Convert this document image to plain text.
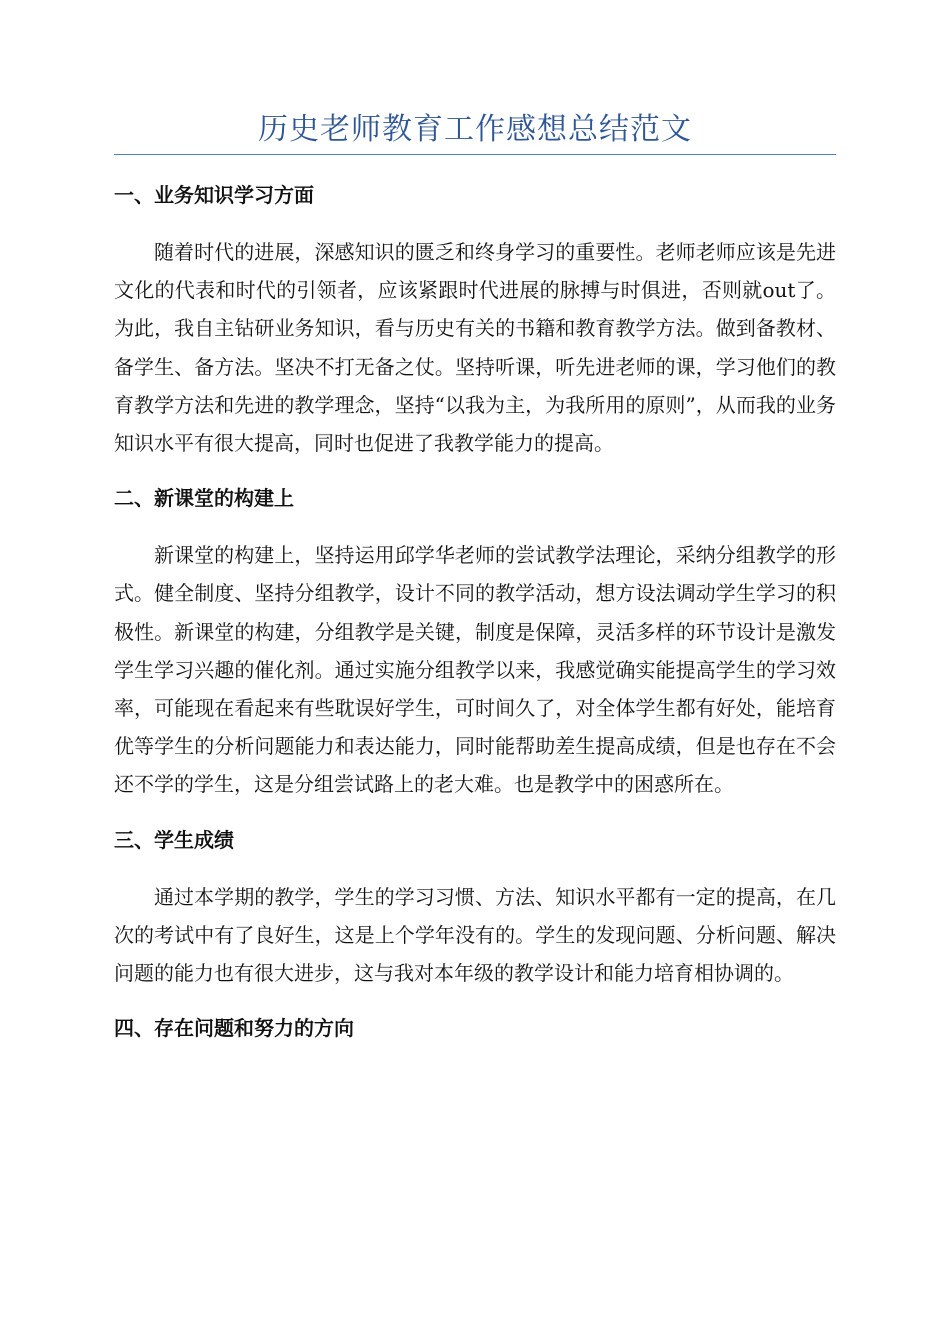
历史老师教育工作感想总结范文

一、业务知识学习方面

随着时代的进展，深感知识的匮乏和终身学习的重要性。老师老师应该是先进文化的代表和时代的引领者，应该紧跟时代进展的脉搏与时俱进，否则就out了。为此，我自主钻研业务知识，看与历史有关的书籍和教育教学方法。做到备教材、备学生、备方法。坚决不打无备之仗。坚持听课，听先进老师的课，学习他们的教育教学方法和先进的教学理念，坚持“以我为主，为我所用的原则”，从而我的业务知识水平有很大提高，同时也促进了我教学能力的提高。

二、新课堂的构建上

新课堂的构建上，坚持运用邱学华老师的尝试教学法理论，采纳分组教学的形式。健全制度、坚持分组教学，设计不同的教学活动，想方设法调动学生学习的积极性。新课堂的构建，分组教学是关键，制度是保障，灵活多样的环节设计是激发学生学习兴趣的催化剂。通过实施分组教学以来，我感觉确实能提高学生的学习效率，可能现在看起来有些耽误好学生，可时间久了，对全体学生都有好处，能培育优等学生的分析问题能力和表达能力，同时能帮助差生提高成绩，但是也存在不会还不学的学生，这是分组尝试路上的老大难。也是教学中的困惑所在。

三、学生成绩

通过本学期的教学，学生的学习习惯、方法、知识水平都有一定的提高，在几次的考试中有了良好生，这是上个学年没有的。学生的发现问题、分析问题、解决问题的能力也有很大进步，这与我对本年级的教学设计和能力培育相协调的。

四、存在问题和努力的方向
